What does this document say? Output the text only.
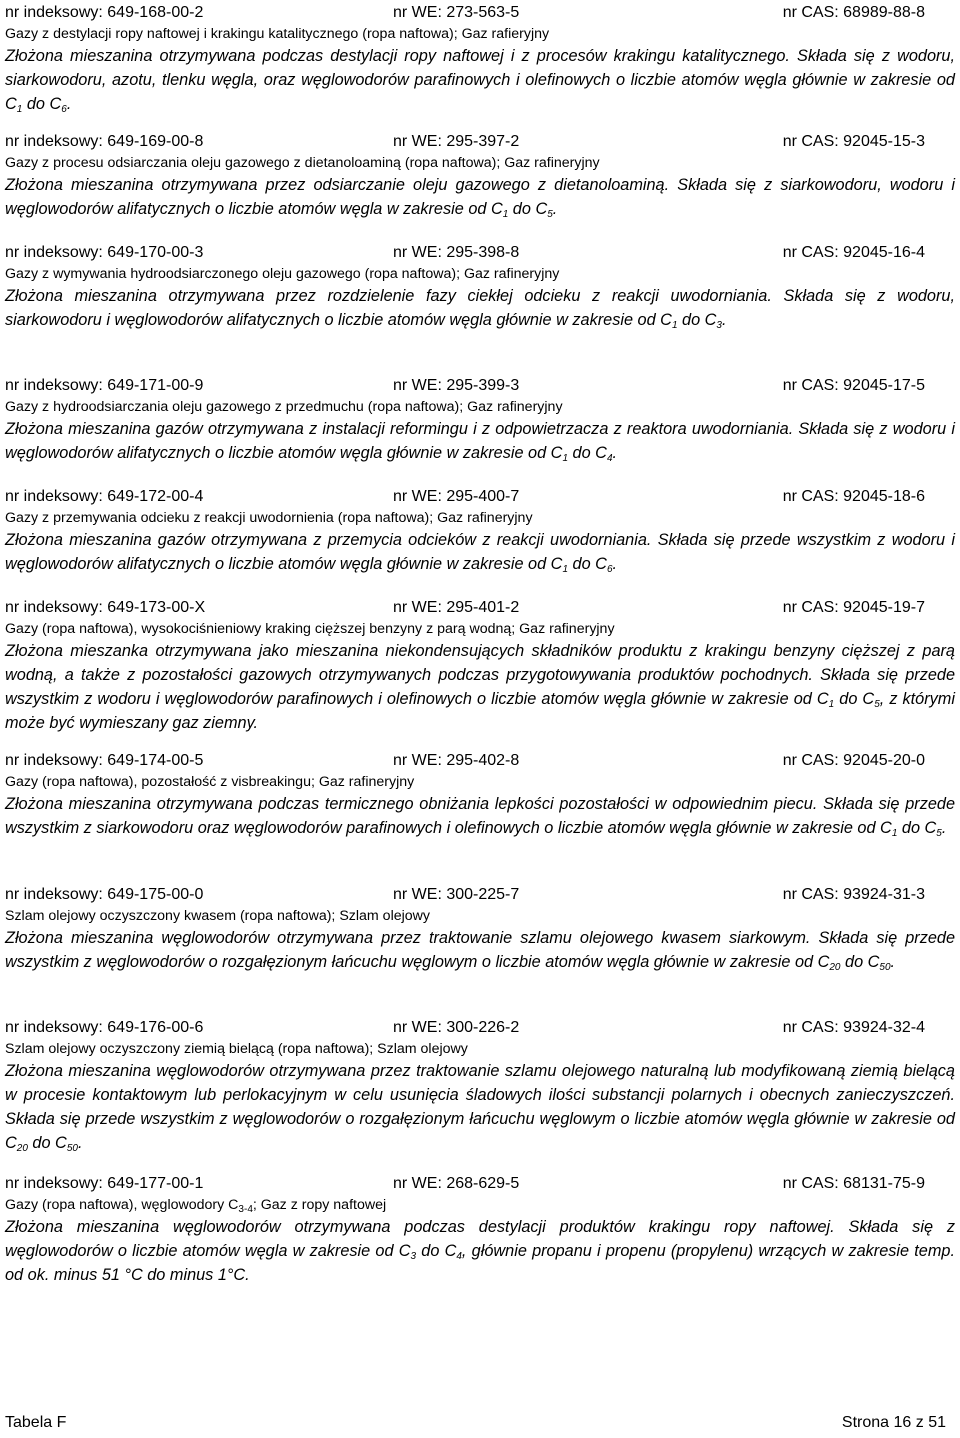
nr indeksowy: 649-168-00-2	nr WE: 273-563-5	nr CAS: 68989-88-8
Gazy z destylacji ropy naftowej i krakingu katalitycznego (ropa naftowa); Gaz rafieryjny
Złożona mieszanina otrzymywana podczas destylacji ropy naftowej i z procesów krakingu katalitycznego. Składa się z wodoru, siarkowodoru, azotu, tlenku węgla, oraz węglowodorów parafinowych i olefinowych o liczbie atomów węgla głównie w zakresie od $C_1$ do $C_6$.
nr indeksowy: 649-169-00-8	nr WE: 295-397-2	nr CAS: 92045-15-3
Gazy z procesu odsiarczania oleju gazowego z dietanoloaminą (ropa naftowa); Gaz rafineryjny
Złożona mieszanina otrzymywana przez odsiarczanie oleju gazowego z dietanoloaminą. Składa się z siarkowodoru, wodoru i węglowodorów alifatycznych o liczbie atomów węgla w zakresie od $C_1$ do $C_5$.
nr indeksowy: 649-170-00-3	nr WE: 295-398-8	nr CAS: 92045-16-4
Gazy z wymywania hydroodsiarczonego oleju gazowego (ropa naftowa); Gaz rafineryjny
Złożona mieszanina otrzymywana przez rozdzielenie fazy ciekłej odcieku z reakcji uwodorniania. Składa się z wodoru, siarkowodoru i węglowodorów alifatycznych o liczbie atomów węgla głównie w zakresie od $C_1$ do $C_3$.
nr indeksowy: 649-171-00-9	nr WE: 295-399-3	nr CAS: 92045-17-5
Gazy z hydroodsiarczania oleju gazowego z przedmuchu (ropa naftowa); Gaz rafineryjny
Złożona mieszanina gazów otrzymywana z instalacji reformingu i z odpowietrzacza z reaktora uwodorniania. Składa się z wodoru i węglowodorów alifatycznych o liczbie atomów węgla głównie w zakresie od $C_1$ do $C_4$.
nr indeksowy: 649-172-00-4	nr WE: 295-400-7	nr CAS: 92045-18-6
Gazy z przemywania odcieku z reakcji uwodornienia (ropa naftowa); Gaz rafineryjny
Złożona mieszanina gazów otrzymywana z przemycia odcieków z reakcji uwodorniania. Składa się przede wszystkim z wodoru i węglowodorów alifatycznych o liczbie atomów węgla głównie w zakresie od $C_1$ do $C_6$.
nr indeksowy: 649-173-00-X	nr WE: 295-401-2	nr CAS: 92045-19-7
Gazy (ropa naftowa), wysokociśnieniowy kraking cięższej benzyny z parą wodną; Gaz rafineryjny
Złożona mieszanka otrzymywana jako mieszanina niekondensujących składników produktu z krakingu benzyny cięższej z parą wodną, a także z pozostałości gazowych otrzymywanych podczas przygotowywania produktów pochodnych. Składa się przede wszystkim z wodoru i węglowodorów parafinowych i olefinowych o liczbie atomów węgla głównie w zakresie od $C_1$ do $C_5$, z którymi może być wymieszany gaz ziemny.
nr indeksowy: 649-174-00-5	nr WE: 295-402-8	nr CAS: 92045-20-0
Gazy (ropa naftowa), pozostałość z visbreakingu; Gaz rafineryjny
Złożona mieszanina otrzymywana podczas termicznego obniżania lepkości pozostałości w odpowiednim piecu. Składa się przede wszystkim z siarkowodoru oraz węglowodorów parafinowych i olefinowych o liczbie atomów węgla głównie w zakresie od $C_1$ do $C_5$.
nr indeksowy: 649-175-00-0	nr WE: 300-225-7	nr CAS: 93924-31-3
Szlam olejowy oczyszczony kwasem (ropa naftowa); Szlam olejowy
Złożona mieszanina węglowodorów otrzymywana przez traktowanie szlamu olejowego kwasem siarkowym. Składa się przede wszystkim z węglowodorów o rozgałęzionym łańcuchu węglowym o liczbie atomów węgla głównie w zakresie od $C_{20}$ do $C_{50}$.
nr indeksowy: 649-176-00-6	nr WE: 300-226-2	nr CAS: 93924-32-4
Szlam olejowy oczyszczony ziemią bielącą (ropa naftowa); Szlam olejowy
Złożona mieszanina węglowodorów otrzymywana przez traktowanie szlamu olejowego naturalną lub modyfikowaną ziemią bielącą w procesie kontaktowym lub perlokacyjnym w celu usunięcia śladowych ilości substancji polarnych i obecnych zanieczyszczeń. Składa się przede wszystkim z węglowodorów o rozgałęzionym łańcuchu węglowym o liczbie atomów węgla głównie w zakresie od $C_{20}$ do $C_{50}$.
nr indeksowy: 649-177-00-1	nr WE: 268-629-5	nr CAS: 68131-75-9
Gazy (ropa naftowa), węglowodory $C_{3-4}$; Gaz z ropy naftowej
Złożona mieszanina węglowodorów otrzymywana podczas destylacji produktów krakingu ropy naftowej. Składa się z węglowodorów o liczbie atomów węgla w zakresie od $C_3$ do $C_4$, głównie propanu i propenu (propylenu) wrzących w zakresie temp. od ok. minus 51 °C do minus 1°C.
Tabela F	Strona 16 z 51
